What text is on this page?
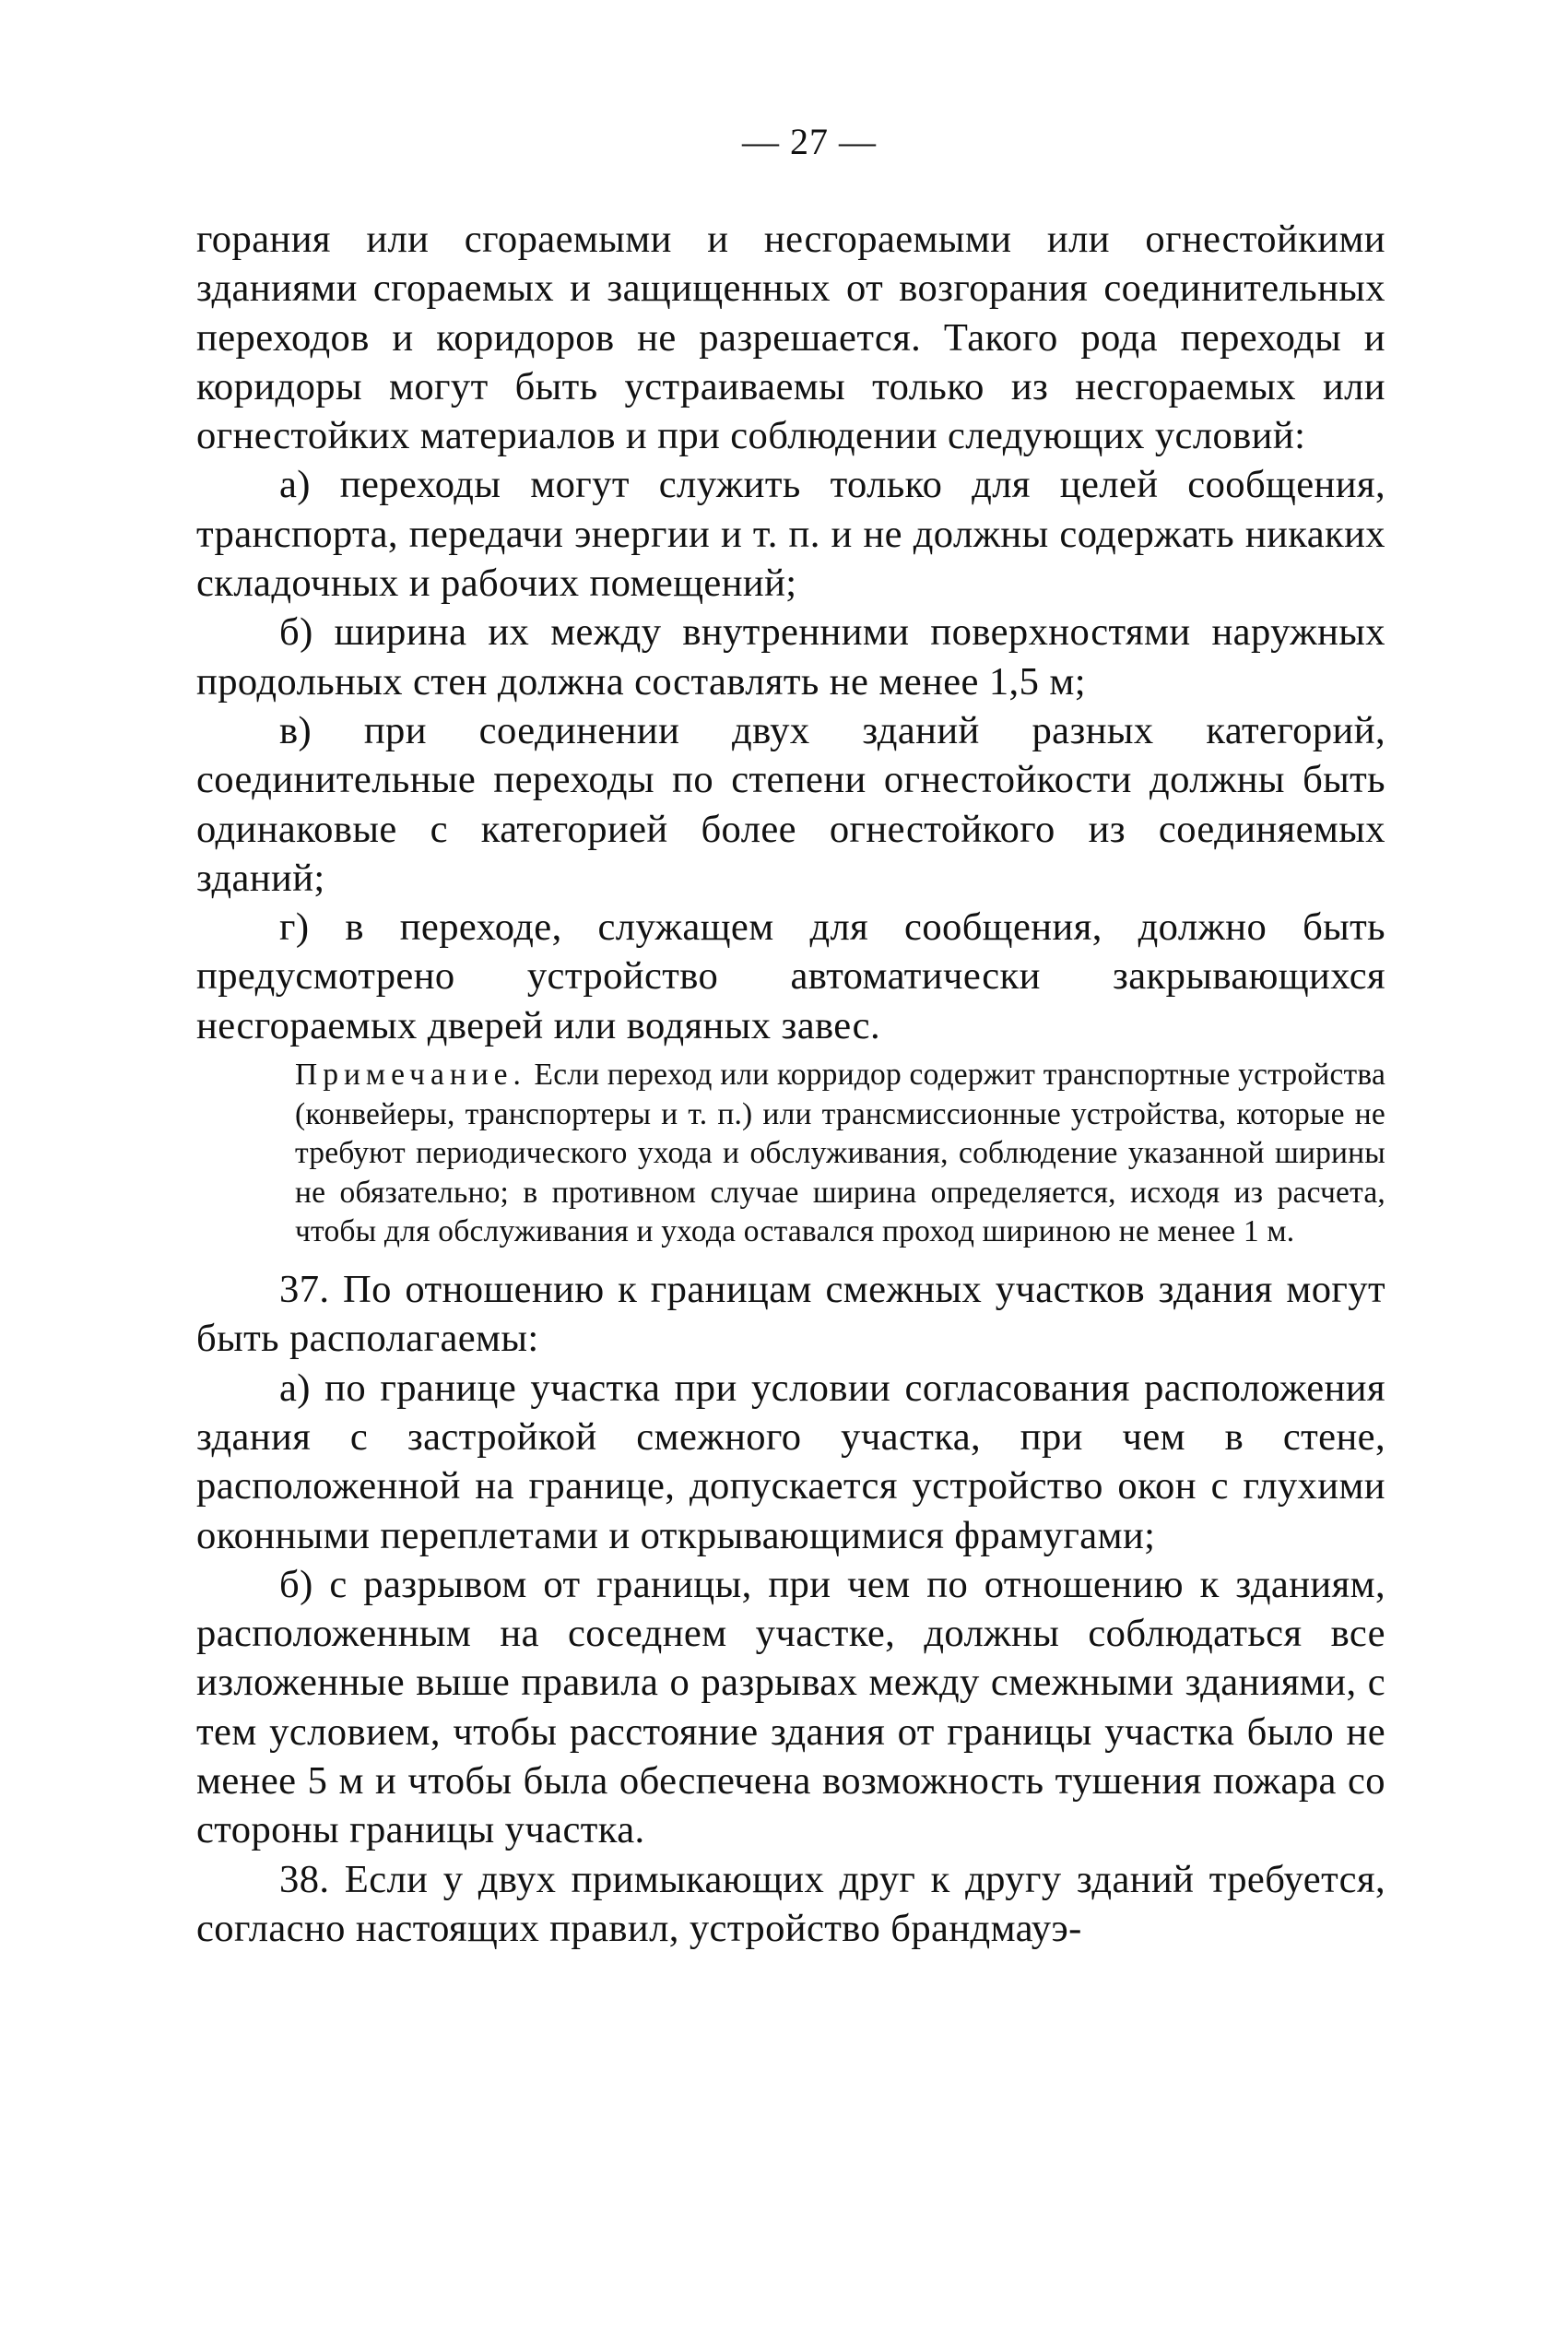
— 27 —

горания или сгораемыми и несгораемыми или огнестойкими зданиями сгораемых и защищенных от возгорания соединительных переходов и коридоров не разрешается. Такого рода переходы и коридоры могут быть устраиваемы только из несгораемых или огнестойких материалов и при соблюдении следующих условий:

а) переходы могут служить только для целей сообщения, транспорта, передачи энергии и т. п. и не должны содержать никаких складочных и рабочих помещений;

б) ширина их между внутренними поверхностями наружных продольных стен должна составлять не менее 1,5 м;

в) при соединении двух зданий разных категорий, соединительные переходы по степени огнестойкости должны быть одинаковые с категорией более огнестойкого из соединяемых зданий;

г) в переходе, служащем для сообщения, должно быть предусмотрено устройство автоматически закрывающихся несгораемых дверей или водяных завес.

Примечание. Если переход или корридор содержит транспортные устройства (конвейеры, транспортеры и т. п.) или трансмиссионные устройства, которые не требуют периодического ухода и обслуживания, соблюдение указанной ширины не обязательно; в противном случае ширина определяется, исходя из расчета, чтобы для обслуживания и ухода оставался проход шириною не менее 1 м.

37. По отношению к границам смежных участков здания могут быть располагаемы:

а) по границе участка при условии согласования расположения здания с застройкой смежного участка, при чем в стене, расположенной на границе, допускается устройство окон с глухими оконными переплетами и открывающимися фрамугами;

б) с разрывом от границы, при чем по отношению к зданиям, расположенным на соседнем участке, должны соблюдаться все изложенные выше правила о разрывах между смежными зданиями, с тем условием, чтобы расстояние здания от границы участка было не менее 5 м и чтобы была обеспечена возможность тушения пожара со стороны границы участка.

38. Если у двух примыкающих друг к другу зданий требуется, согласно настоящих правил, устройство брандмауэ-
